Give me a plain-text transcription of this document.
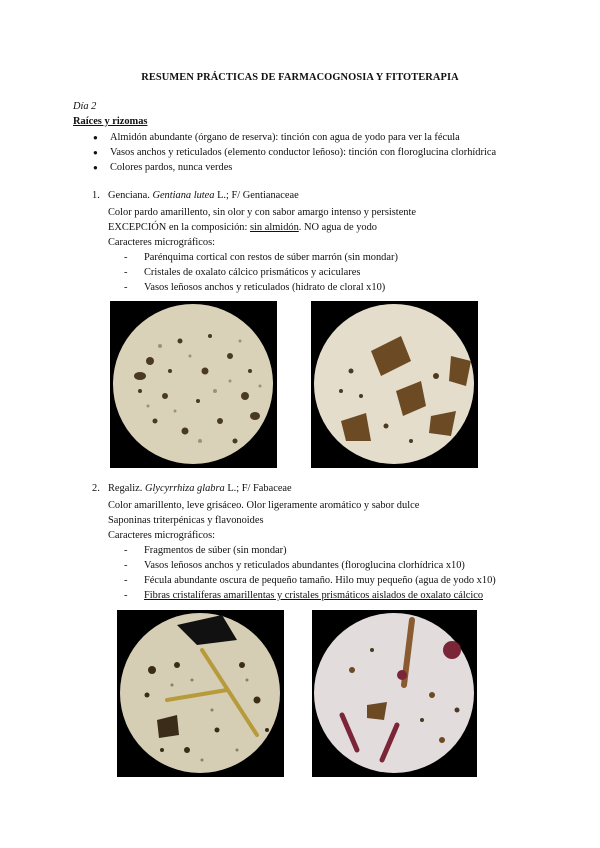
RESUMEN PRÁCTICAS DE FARMACOGNOSIA Y FITOTERAPIA
Día 2
Raíces y rizomas
● Almidón abundante (órgano de reserva): tinción con agua de yodo para ver la fécula
● Vasos anchos y reticulados (elemento conductor leñoso): tinción con floroglucina clorhídrica
● Colores pardos, nunca verdes
1. Genciana. Gentiana lutea L.; F/ Gentianaceae
Color pardo amarillento, sin olor y con sabor amargo intenso y persistente
EXCEPCIÓN en la composición: sin almidón. NO agua de yodo
Caracteres micrográficos:
- Parénquima cortical con restos de súber marrón (sin mondar)
- Cristales de oxalato cálcico prismáticos y aciculares
- Vasos leñosos anchos y reticulados (hidrato de cloral x10)
2. Regaliz. Glycyrrhiza glabra L.; F/ Fabaceae
Color amarillento, leve grisáceo. Olor ligeramente aromático y sabor dulce
Saponinas triterpénicas y flavonoides
Caracteres micrográficos:
- Fragmentos de súber (sin mondar)
- Vasos leñosos anchos y reticulados abundantes (floroglucina clorhídrica x10)
- Fécula abundante oscura de pequeño tamaño. Hilo muy pequeño (agua de yodo x10)
- Fibras cristalíferas amarillentas y cristales prismáticos aislados de oxalato cálcico
